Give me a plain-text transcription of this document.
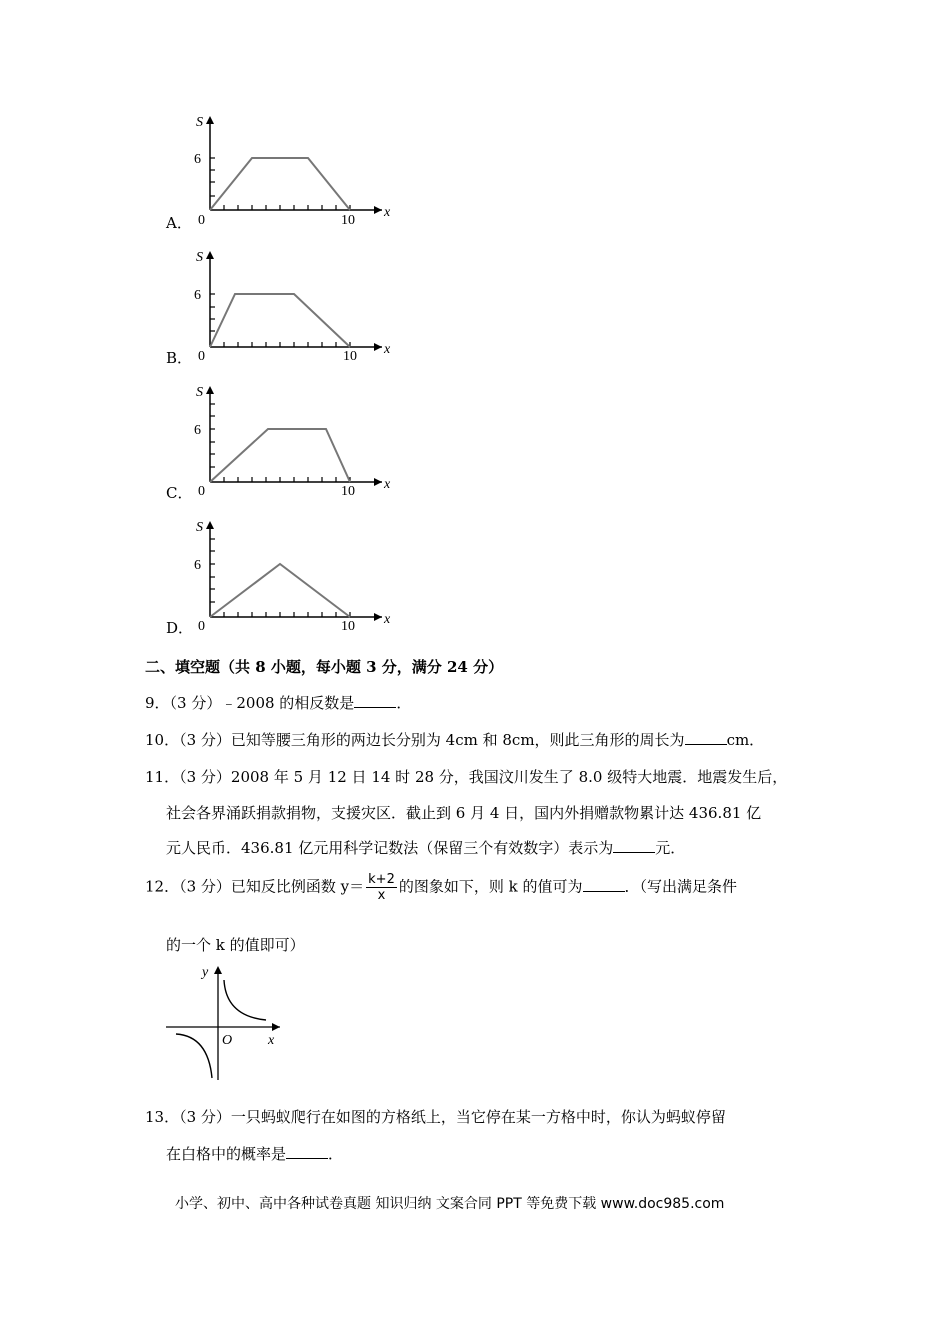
A．
S
6
0	10
x
B．
S
6
0	10 x
C．
S
6
0	10 x
D．
S
6
0	10 x
二、填空题（共 8 小题，每小题 3 分，满分 24 分）
9．（3 分）﹣2008 的相反数是	．
10．（3 分）已知等腰三角形的两边长分别为 4cm 和 8cm，则此三角形的周长为	cm．
11．（3 分）2008 年 5 月 12 日 14 时 28 分，我国汶川发生了 8.0 级特大地震．地震发生后，
社会各界涌跃捐款捐物，支援灾区．截止到 6 月 4 日，国内外捐赠款物累计达 436.81 亿
元人民币．436.81 亿元用科学记数法（保留三个有效数字）表示为	元．
12．（3 分）已知反比例函数 $y= \frac{k+2}{x}$ 的图象如下，则 k 的值可为	．（写出满足条件
的一个 k 的值即可）
y
O	x
13．（3 分）一只蚂蚁爬行在如图的方格纸上，当它停在某一方格中时，你认为蚂蚁停留
在白格中的概率是	．
小学、初中、高中各种试卷真题 知识归纳 文案合同 PPT 等免费下载 www.doc985.com
